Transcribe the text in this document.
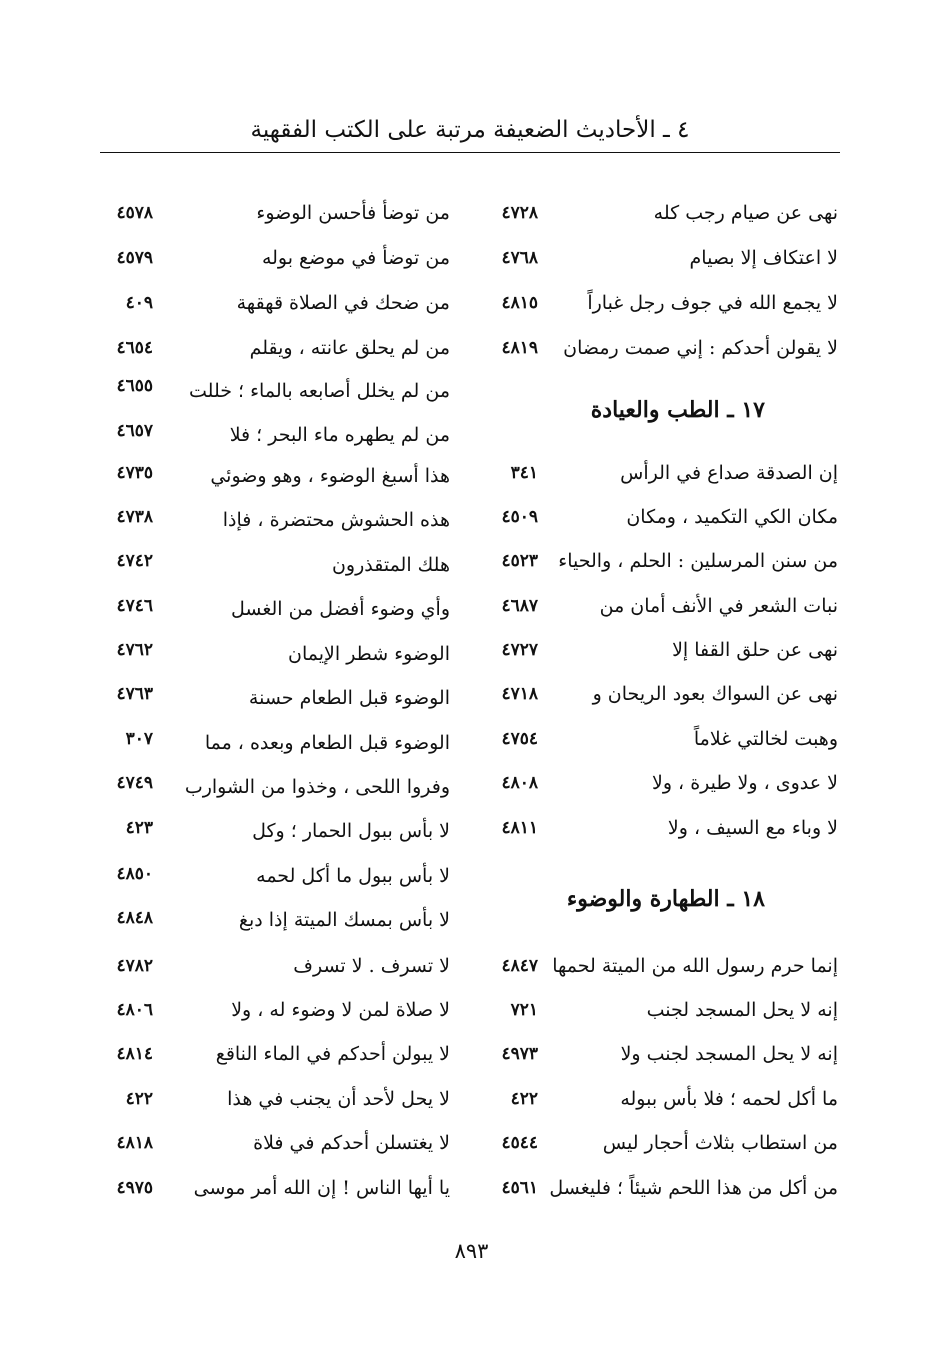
٤ ـ الأحاديث الضعيفة مرتبة على الكتب الفقهية
نهى عن صيام رجب كله
٤٧٢٨
لا اعتكاف إلا بصيام
٤٧٦٨
لا يجمع الله في جوف رجل غباراً
٤٨١٥
لا يقولن أحدكم : إني صمت رمضان
٤٨١٩
١٧ ـ الطب والعيادة
إن الصدقة صداع في الرأس
٣٤١
مكان الكي التكميد ، ومكان
٤٥٠٩
من سنن المرسلين : الحلم ، والحياء
٤٥٢٣
نبات الشعر في الأنف أمان من
٤٦٨٧
نهى عن حلق القفا إلا
٤٧٢٧
نهى عن السواك بعود الريحان و
٤٧١٨
وهبت لخالتي غلاماً
٤٧٥٤
لا عدوى ، ولا طيرة ، ولا
٤٨٠٨
لا وباء مع السيف ، ولا
٤٨١١
١٨ ـ الطهارة والوضوء
إنما حرم رسول الله من الميتة لحمها
٤٨٤٧
إنه لا يحل المسجد لجنب
٧٢١
إنه لا يحل المسجد لجنب ولا
٤٩٧٣
ما أكل لحمه ؛ فلا بأس ببوله
٤٢٢
من استطاب بثلاث أحجار ليس
٤٥٤٤
من أكل من هذا اللحم شيئاً ؛ فليغسل
٤٥٦١
من توضأ فأحسن الوضوء
٤٥٧٨
من توضأ في موضع بوله
٤٥٧٩
من ضحك في الصلاة قهقهة
٤٠٩
من لم يحلق عانته ، ويقلم
٤٦٥٤
من لم يخلل أصابعه بالماء ؛ خللت
٤٦٥٥
من لم يطهره ماء البحر ؛ فلا
٤٦٥٧
هذا أسبغ الوضوء ، وهو وضوئي
٤٧٣٥
هذه الحشوش محتضرة ، فإذا
٤٧٣٨
هلك المتقذرون
٤٧٤٢
وأي وضوء أفضل من الغسل
٤٧٤٦
الوضوء شطر الإيمان
٤٧٦٢
الوضوء قبل الطعام حسنة
٤٧٦٣
الوضوء قبل الطعام وبعده ، مما
٣٠٧
وفروا اللحى ، وخذوا من الشوارب
٤٧٤٩
لا بأس ببول الحمار ؛ وكل
٤٢٣
لا بأس ببول ما أكل لحمه
٤٨٥٠
لا بأس بمسك الميتة إذا دبغ
٤٨٤٨
لا تسرف . لا تسرف
٤٧٨٢
لا صلاة لمن لا وضوء له ، ولا
٤٨٠٦
لا يبولن أحدكم في الماء الناقع
٤٨١٤
لا يحل لأحد أن يجنب في هذا
٤٢٢
لا يغتسلن أحدكم في فلاة
٤٨١٨
يا أيها الناس ! إن الله أمر موسى
٤٩٧٥
٨٩٣
